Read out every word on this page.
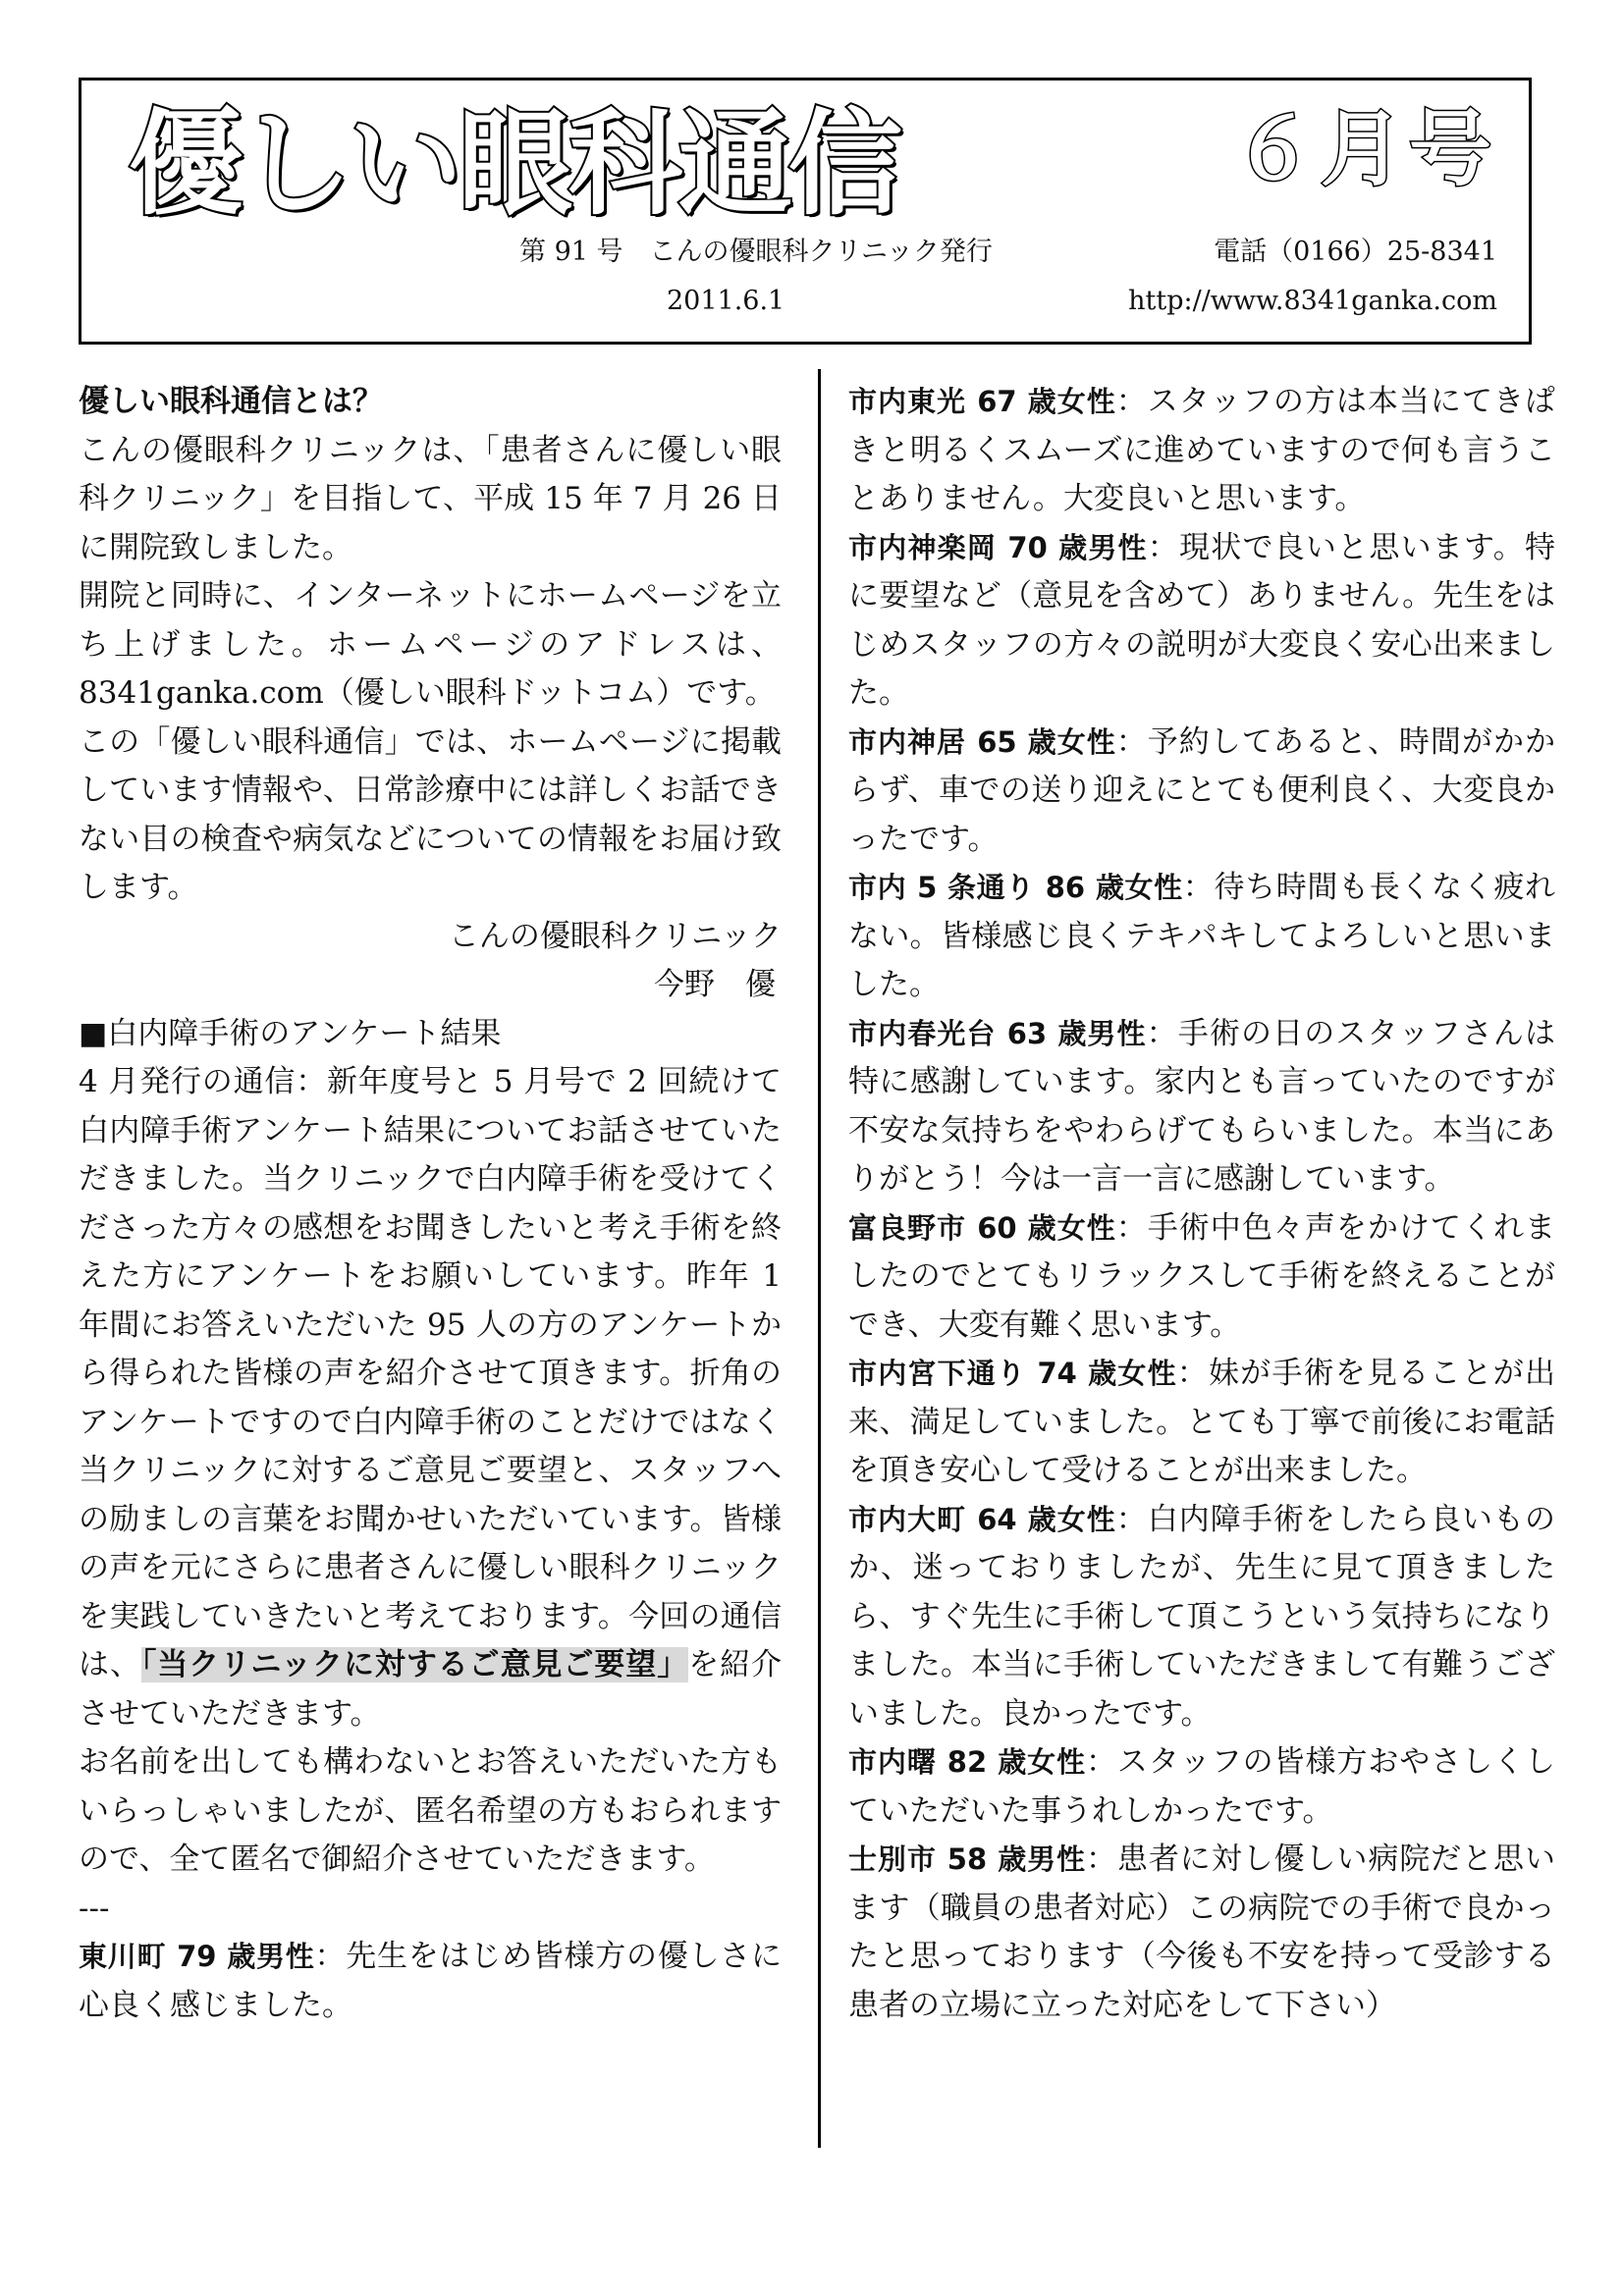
優しい眼科通信	６月号
第 91 号　こんの優眼科クリニック発行	電話（0166）25-8341
2011.6.1	http://www.8341ganka.com

優しい眼科通信とは？

こんの優眼科クリニックは、「患者さんに優しい眼科クリニック」を目指して、平成 15 年 7 月 26 日に開院致しました。

開院と同時に、インターネットにホームページを立ち上げました。ホームページのアドレスは、8341ganka.com（優しい眼科ドットコム）です。

この「優しい眼科通信」では、ホームページに掲載しています情報や、日常診療中には詳しくお話できない目の検査や病気などについての情報をお届け致します。

こんの優眼科クリニック

今野　優

■白内障手術のアンケート結果

4 月発行の通信：新年度号と 5 月号で 2 回続けて白内障手術アンケート結果についてお話させていただきました。当クリニックで白内障手術を受けてくださった方々の感想をお聞きしたいと考え手術を終えた方にアンケートをお願いしています。昨年 1 年間にお答えいただいた 95 人の方のアンケートから得られた皆様の声を紹介させて頂きます。折角のアンケートですので白内障手術のことだけではなく当クリニックに対するご意見ご要望と、スタッフへの励ましの言葉をお聞かせいただいています。皆様の声を元にさらに患者さんに優しい眼科クリニックを実践していきたいと考えております。今回の通信は、「当クリニックに対するご意見ご要望」を紹介させていただきます。

お名前を出しても構わないとお答えいただいた方もいらっしゃいましたが、匿名希望の方もおられますので、全て匿名で御紹介させていただきます。

---

東川町 79 歳男性：先生をはじめ皆様方の優しさに心良く感じました。

市内東光 67 歳女性：スタッフの方は本当にてきぱきと明るくスムーズに進めていますので何も言うことありません。大変良いと思います。

市内神楽岡 70 歳男性：現状で良いと思います。特に要望など（意見を含めて）ありません。先生をはじめスタッフの方々の説明が大変良く安心出来ました。

市内神居 65 歳女性：予約してあると、時間がかからず、車での送り迎えにとても便利良く、大変良かったです。

市内 5 条通り 86 歳女性：待ち時間も長くなく疲れない。皆様感じ良くテキパキしてよろしいと思いました。

市内春光台 63 歳男性：手術の日のスタッフさんは特に感謝しています。家内とも言っていたのですが不安な気持ちをやわらげてもらいました。本当にありがとう！今は一言一言に感謝しています。

富良野市 60 歳女性：手術中色々声をかけてくれましたのでとてもリラックスして手術を終えることができ、大変有難く思います。

市内宮下通り 74 歳女性：妹が手術を見ることが出来、満足していました。とても丁寧で前後にお電話を頂き安心して受けることが出来ました。

市内大町 64 歳女性：白内障手術をしたら良いものか、迷っておりましたが、先生に見て頂きましたら、すぐ先生に手術して頂こうという気持ちになりました。本当に手術していただきまして有難うございました。良かったです。

市内曙 82 歳女性：スタッフの皆様方おやさしくしていただいた事うれしかったです。

士別市 58 歳男性：患者に対し優しい病院だと思います（職員の患者対応）この病院での手術で良かったと思っております（今後も不安を持って受診する患者の立場に立った対応をして下さい）
